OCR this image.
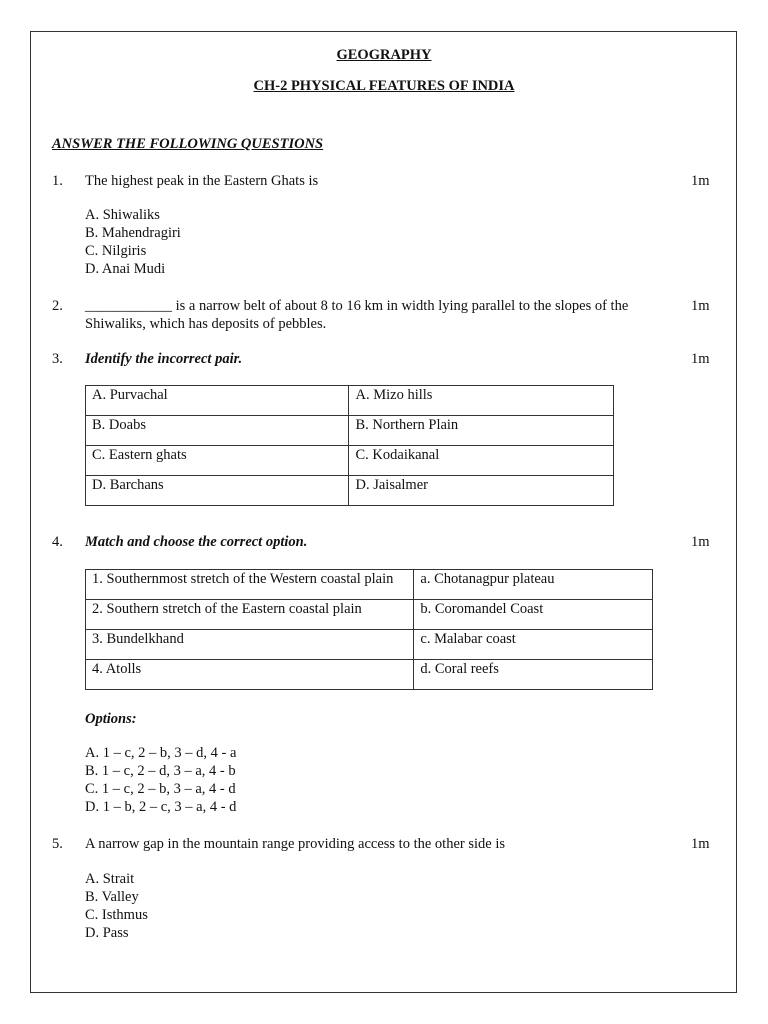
GEOGRAPHY
CH-2 PHYSICAL FEATURES OF INDIA
ANSWER THE FOLLOWING QUESTIONS
1. The highest peak in the Eastern Ghats is	1m
A. Shiwaliks
B. Mahendragiri
C. Nilgiris
D. Anai Mudi
2. ____________ is a narrow belt of about 8 to 16 km in width lying parallel to the slopes of the
Shiwaliks, which has deposits of pebbles.
1m
3. Identify the incorrect pair.	1m
A. Purvachal	A. Mizo hills
B. Doabs	B. Northern Plain
C. Eastern ghats	C. Kodaikanal
D. Barchans	D. Jaisalmer
4. Match and choose the correct option.	1m
1. Southernmost stretch of the Western coastal plain	a. Chotanagpur plateau
2. Southern stretch of the Eastern coastal plain	b. Coromandel Coast
3. Bundelkhand	c. Malabar coast
4. Atolls	d. Coral reefs
Options:
A. 1 – c, 2 – b, 3 – d, 4 - a
B. 1 – c, 2 – d, 3 – a, 4 - b
C. 1 – c, 2 – b, 3 – a, 4 - d
D. 1 – b, 2 – c, 3 – a, 4 - d
5. A narrow gap in the mountain range providing access to the other side is	1m
A. Strait
B. Valley
C. Isthmus
D. Pass
